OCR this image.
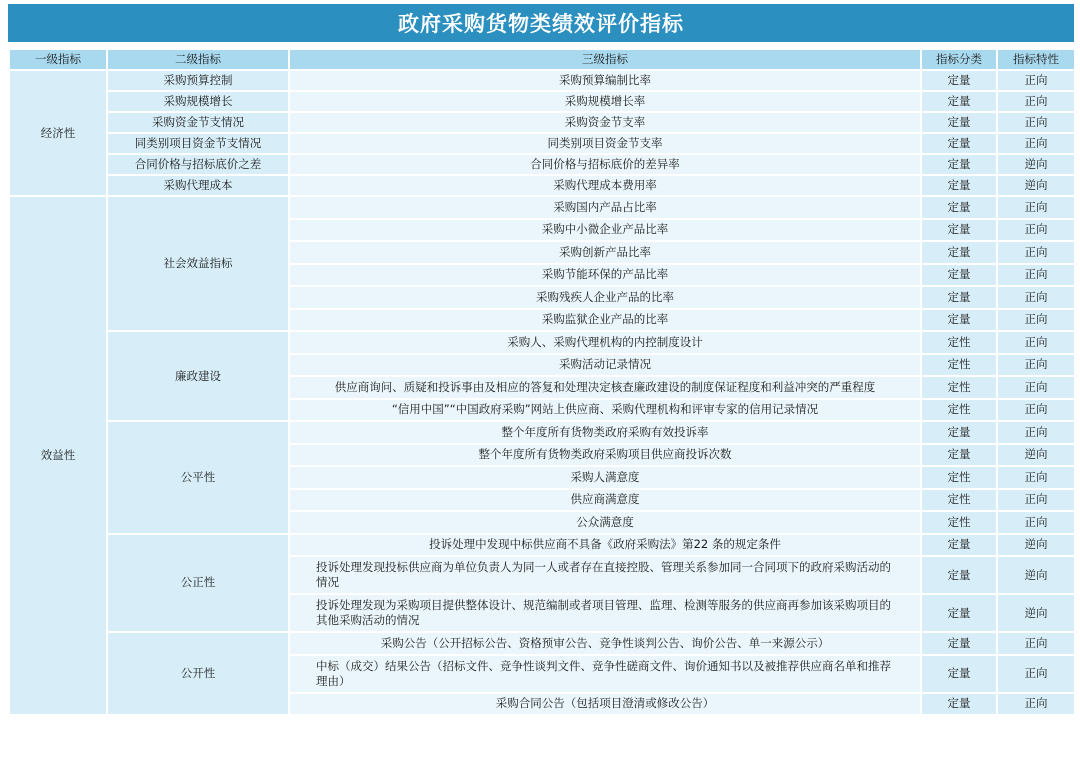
政府采购货物类绩效评价指标
一级指标	二级指标	三级指标	指标分类	指标特性
经济性	采购预算控制	采购预算编制比率	定量	正向
	采购规模增长	采购规模增长率	定量	正向
	采购资金节支情况	采购资金节支率	定量	正向
	同类别项目资金节支情况	同类别项目资金节支率	定量	正向
	合同价格与招标底价之差	合同价格与招标底价的差异率	定量	逆向
	采购代理成本	采购代理成本费用率	定量	逆向
效益性	社会效益指标	采购国内产品占比率	定量	正向
		采购中小微企业产品比率	定量	正向
		采购创新产品比率	定量	正向
		采购节能环保的产品比率	定量	正向
		采购残疾人企业产品的比率	定量	正向
		采购监狱企业产品的比率	定量	正向
	廉政建设	采购人、采购代理机构的内控制度设计	定性	正向
		采购活动记录情况	定性	正向
		供应商询问、质疑和投诉事由及相应的答复和处理决定核查廉政建设的制度保证程度和利益冲突的严重程度	定性	正向
		“信用中国”“中国政府采购”网站上供应商、采购代理机构和评审专家的信用记录情况	定性	正向
	公平性	整个年度所有货物类政府采购有效投诉率	定量	正向
		整个年度所有货物类政府采购项目供应商投诉次数	定量	逆向
		采购人满意度	定性	正向
		供应商满意度	定性	正向
		公众满意度	定性	正向
	公正性	投诉处理中发现中标供应商不具备《政府采购法》第22 条的规定条件	定量	逆向
		投诉处理发现投标供应商为单位负责人为同一人或者存在直接控股、管理关系参加同一合同项下的政府采购活动的情况	定量	逆向
		投诉处理发现为采购项目提供整体设计、规范编制或者项目管理、监理、检测等服务的供应商再参加该采购项目的其他采购活动的情况	定量	逆向
	公开性	采购公告（公开招标公告、资格预审公告、竞争性谈判公告、询价公告、单一来源公示）	定量	正向
		中标（成交）结果公告（招标文件、竞争性谈判文件、竞争性磋商文件、询价通知书以及被推荐供应商名单和推荐理由）	定量	正向
		采购合同公告（包括项目澄清或修改公告）	定量	正向
